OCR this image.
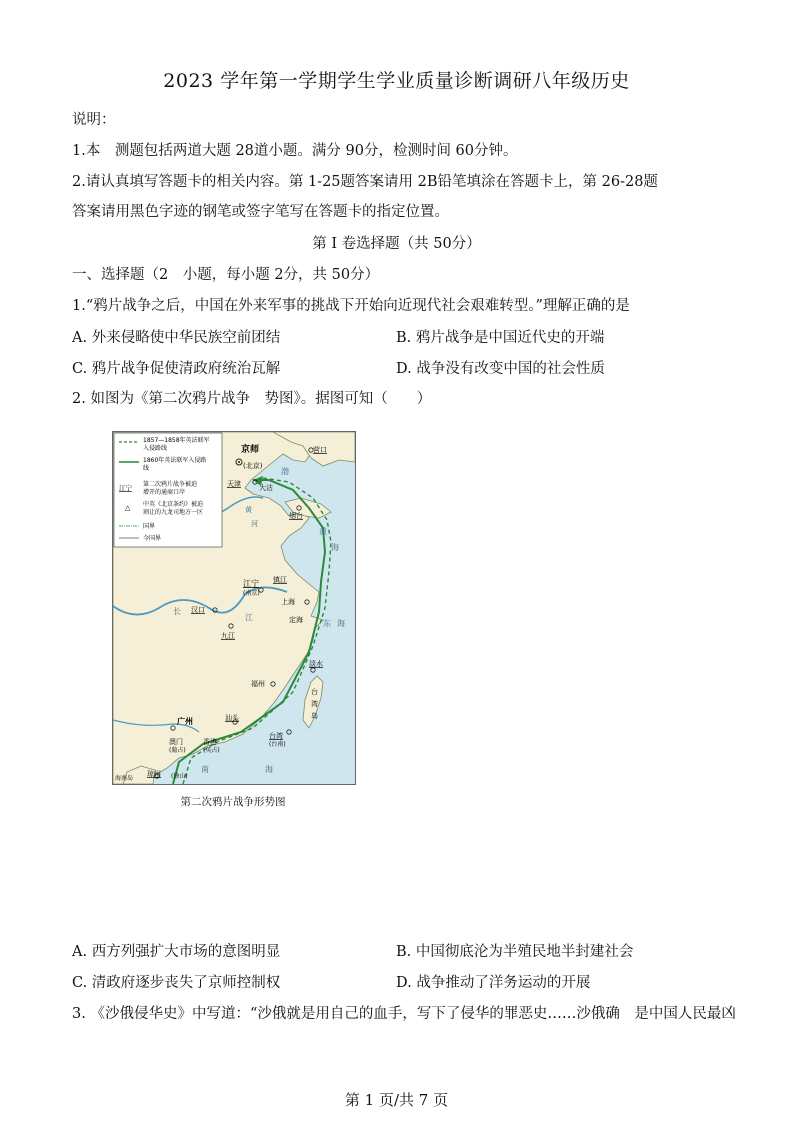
2023 学年第一学期学生学业质量诊断调研八年级历史
说明：
1.本　测题包括两道大题 28道小题。满分 90分，检测时间 60分钟。
2.请认真填写答题卡的相关内容。第 1-25题答案请用 2B铅笔填涂在答题卡上，第 26-28题
答案请用黑色字迹的钢笔或签字笔写在答题卡的指定位置。
第 I 卷选择题（共 50分）
一、选择题（2　小题，每小题 2分，共 50分）
1.“鸦片战争之后，中国在外来军事的挑战下开始向近现代社会艰难转型。”理解正确的是
A. 外来侵略使中华民族空前团结	B. 鸦片战争是中国近代史的开端
C. 鸦片战争促使清政府统治瓦解	D. 战争没有改变中国的社会性质
2. 如图为《第二次鸦片战争　势图》。据图可知（　　）
1857—1858年英法联军
入侵路线
1860年英法联军入侵路
线
江宁 第二次鸦片战争被迫
增开的通商口岸
△ 中英《北京条约》被迫
割让的九龙司地方一区
国界
今国界
京师
(北京)
营口
天津	大沽
烟台
渤
黄
海
黄
河
江宁
(南京)
镇江
上海
定海	东 海
长
江
汉口
九江
福州
淡水
台
湾
岛
台湾
(台南)
汕头
广州
澳门
(葡占)
香港
(英占)
南	海
海南岛
琼州 (徐山)
第二次鸦片战争形势图
A. 西方列强扩大市场的意图明显	B. 中国彻底沦为半殖民地半封建社会
C. 清政府逐步丧失了京师控制权	D. 战争推动了洋务运动的开展
3. 《沙俄侵华史》中写道：“沙俄就是用自己的血手，写下了侵华的罪恶史……沙俄确　是中国人民最凶
第 1 页/共 7 页
